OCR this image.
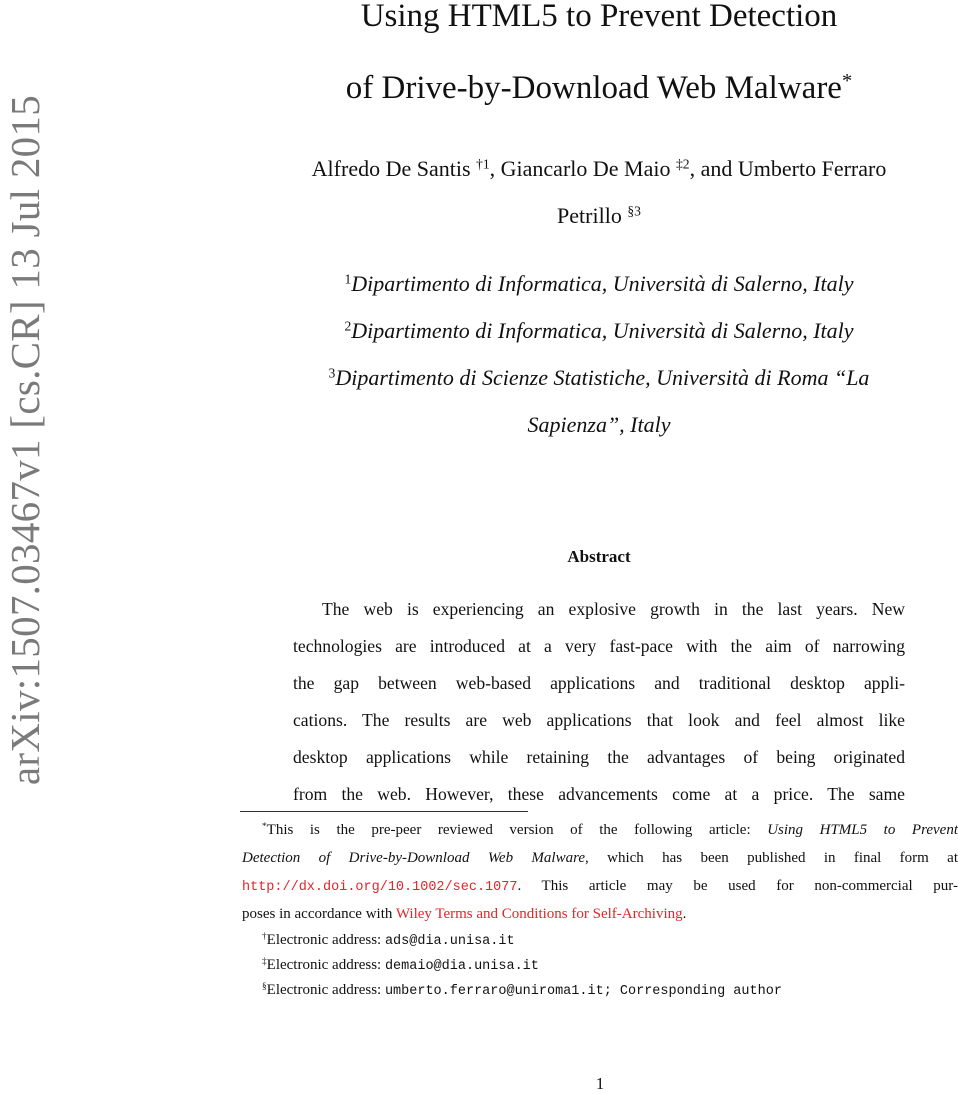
arXiv:1507.03467v1 [cs.CR] 13 Jul 2015
Using HTML5 to Prevent Detection
of Drive-by-Download Web Malware*
Alfredo De Santis $^{\dagger 1}$, Giancarlo De Maio $^{\ddagger 2}$, and Umberto Ferraro
Petrillo $^{\S 3}$
$^1$Dipartimento di Informatica, Università di Salerno, Italy
$^2$Dipartimento di Informatica, Università di Salerno, Italy
$^3$Dipartimento di Scienze Statistiche, Università di Roma “La
Sapienza”, Italy
Abstract
The web is experiencing an explosive growth in the last years. New
technologies are introduced at a very fast-pace with the aim of narrowing
the gap between web-based applications and traditional desktop appli-
cations. The results are web applications that look and feel almost like
desktop applications while retaining the advantages of being originated
from the web. However, these advancements come at a price. The same
*This is the pre-peer reviewed version of the following article: Using HTML5 to Prevent
Detection of Drive-by-Download Web Malware, which has been published in final form at
http://dx.doi.org/10.1002/sec.1077. This article may be used for non-commercial pur-
poses in accordance with Wiley Terms and Conditions for Self-Archiving.
†Electronic address: ads@dia.unisa.it
‡Electronic address: demaio@dia.unisa.it
§Electronic address: umberto.ferraro@uniroma1.it; Corresponding author
1
